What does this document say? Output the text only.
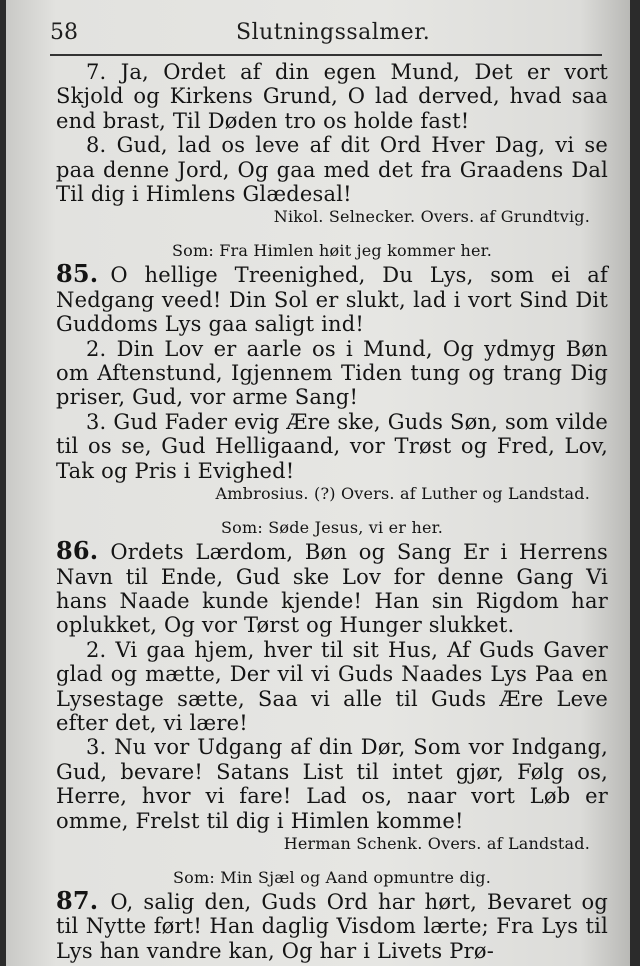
58	Slutningssalmer.

7. Ja, Ordet af din egen Mund, Det er vort Skjold og Kirkens Grund, O lad derved, hvad saa end brast, Til Døden tro os holde fast!

8. Gud, lad os leve af dit Ord Hver Dag, vi se paa denne Jord, Og gaa med det fra Graadens Dal Til dig i Himlens Glædesal!

Nikol. Selnecker. Overs. af Grundtvig.

Som: Fra Himlen høit jeg kommer her.

85. O hellige Treenighed, Du Lys, som ei af Nedgang veed! Din Sol er slukt, lad i vort Sind Dit Guddoms Lys gaa saligt ind!

2. Din Lov er aarle os i Mund, Og ydmyg Bøn om Aftenstund, Igjennem Tiden tung og trang Dig priser, Gud, vor arme Sang!

3. Gud Fader evig Ære ske, Guds Søn, som vilde til os se, Gud Helligaand, vor Trøst og Fred, Lov, Tak og Pris i Evighed!

Ambrosius. (?) Overs. af Luther og Landstad.

Som: Søde Jesus, vi er her.

86. Ordets Lærdom, Bøn og Sang Er i Herrens Navn til Ende, Gud ske Lov for denne Gang Vi hans Naade kunde kjende! Han sin Rigdom har oplukket, Og vor Tørst og Hunger slukket.

2. Vi gaa hjem, hver til sit Hus, Af Guds Gaver glad og mætte, Der vil vi Guds Naades Lys Paa en Lysestage sætte, Saa vi alle til Guds Ære Leve efter det, vi lære!

3. Nu vor Udgang af din Dør, Som vor Indgang, Gud, bevare! Satans List til intet gjør, Følg os, Herre, hvor vi fare! Lad os, naar vort Løb er omme, Frelst til dig i Himlen komme!

Herman Schenk. Overs. af Landstad.

Som: Min Sjæl og Aand opmuntre dig.

87. O, salig den, Guds Ord har hørt, Bevaret og til Nytte ført! Han daglig Visdom lærte; Fra Lys til Lys han vandre kan, Og har i Livets Prø-
